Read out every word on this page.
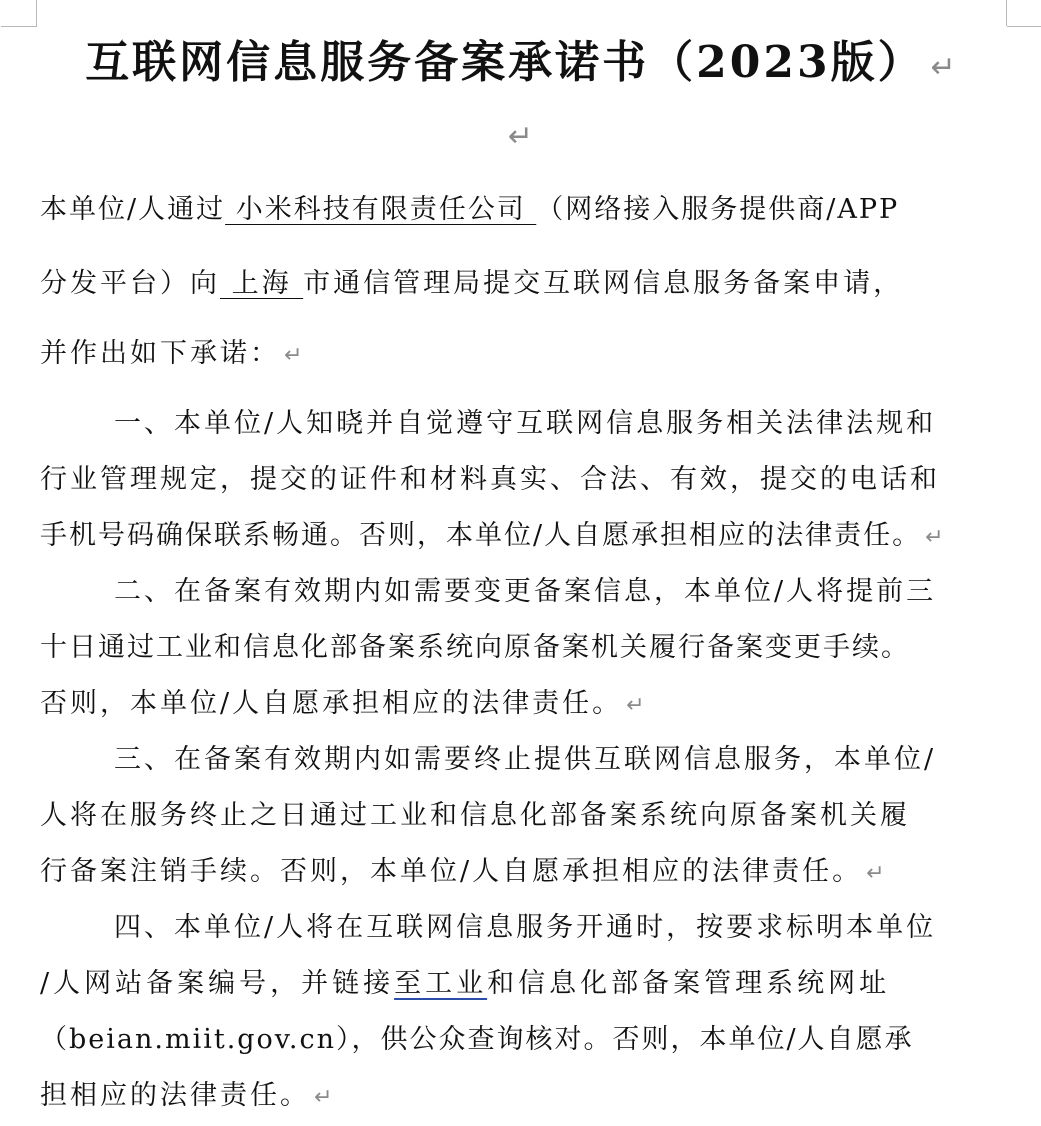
互联网信息服务备案承诺书（2023版） ↵
↵
本单位/人通过 小米科技有限责任公司 （网络接入服务提供商/APP
分发平台）向 上海 市通信管理局提交互联网信息服务备案申请，
并作出如下承诺： ↵
一、本单位/人知晓并自觉遵守互联网信息服务相关法律法规和
行业管理规定，提交的证件和材料真实、合法、有效，提交的电话和
手机号码确保联系畅通。否则，本单位/人自愿承担相应的法律责任。 ↵
二、在备案有效期内如需要变更备案信息，本单位/人将提前三
十日通过工业和信息化部备案系统向原备案机关履行备案变更手续。
否则，本单位/人自愿承担相应的法律责任。 ↵
三、在备案有效期内如需要终止提供互联网信息服务，本单位/
人将在服务终止之日通过工业和信息化部备案系统向原备案机关履
行备案注销手续。否则，本单位/人自愿承担相应的法律责任。 ↵
四、本单位/人将在互联网信息服务开通时，按要求标明本单位
/人网站备案编号，并链接至工业和信息化部备案管理系统网址
（beian.miit.gov.cn），供公众查询核对。否则，本单位/人自愿承
担相应的法律责任。 ↵
